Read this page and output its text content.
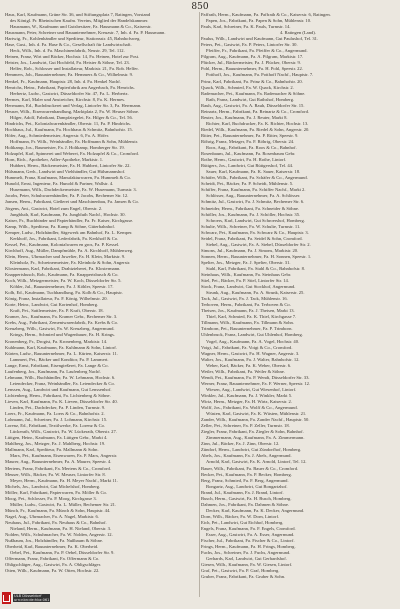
850
Haus, Karl, Kaufmann, Grüne Str. 36, und Stiftungsplatz 7, Ratingen, Vorstand
des Königl. Pr. Rheinischen Kaufm. Vereins, Mitglied der Handelskammer.
Hausmann, W., Kaufmann und Gutsbesitzer, Fa. Hausmann & Co., Kaiserstr.
Hausmann, Peter, Schreiner und Bauunternehmer, Kreuzstr. 7, Inh. d. Fa. P. Hausmann.
Hartwig, Fr., Kohlenhändler und Spediteur, Stationsstr. 45, Bahnhofsweg.
Hase, Gust., Inh. d. Fa. Hase & Co., Gesellschaft für Landwirtschaft.
Heck, Wilh., Inh. d. Fa. Maschinenfabrik, Neustr. 29, Tel. 112.
Heinen, Franz, Wirt und Bäcker, Hochstr. 14, Fa. Heinen, Hotel zur Post.
Heister, Jos., Landwirt, Gut Hochfeld, Fa. Heister & Söhne, Tel. 23.
Helfer, Rob., Schlosser und Installateur, Marktstr. 21, Fa. Rob. Helfer.
Hemmers, Joh., Bauunternehmer, Fa. Hemmers & Co., Wilhelmstr. 9.
Henkel, Fr., Kaufmann, Hauptstr. 28, Inh. d. Fa. Henkel Nachf.
Henrichs, Heinr., Fabrikant, Papierfabrik am Angerbach, Fa. Henrichs.
Herbertz, Ludw., Gastwirt, Düsseldorfer Str. 47, Fa. L. Herbertz.
Hermes, Karl, Maler und Anstreicher, Kirchstr. 8, Fa. K. Hermes.
Herrmann, Ed., Buchdruckerei und Verlag, Lintorfer Str. 3, Fa. Herrmann.
Heuser, Wilh., Eisenwarenhandlung, Marktplatz 2, Fa. W. Heuser Söhne.
Hilger, Adolf, Fabrikant, Dampfziegelei, Fa. Hilger & Co., Tel. 56.
Hindrichs, Pet., Kolonialwarenhändler, Oberstr. 11, Fa. P. Hindrichs.
Hochhaus, Jul., Kaufmann, Fa. Hochhaus & Schmitz, Bahnhofstr. 15.
Höfer, Aug., Schmiedemeister, Angerstr. 6, Fa. A. Höfer.
Hoffmann, Fr. Wilh., Weinhändler, Fa. Hoffmann & Sohn, Mühlenstr.
Holtkamp, Jos., Baumeister, Fa. J. Holtkamp, Homberger Str. 19.
Holzapfel, Karl, Spinnerei und Weberei, Fa. Holzapfel & Co., Cromford.
Horn, Rich., Apotheker, Adler-Apotheke, Marktstr. 1.
Hubbert, Herm., Bäckermeister, Fa. H. Hubbert, Lintorfer Str. 22.
Hülsmann, Gerh., Landwirt und Viehhändler, Gut Hülsmannshof.
Hummelt, Franz, Kaufmann, Manufakturwaren, Fa. Hummelt & Co.
Hunold, Ernst, Ingenieur, Fa. Hunold & Partner, Wallstr. 4.
Husemann, Wilh., Dachdeckermeister, Fa. W. Husemann, Turmstr. 3.
Jacobs, Peter, Schuhwarenhändler, Fa. P. Jacobs, Bechemer Str. 12.
Jansen, Herm., Fabrikant, Gießerei und Maschinenbau, Fa. Jansen & Co.
Jörgens, Ant., Gastwirt, Hotel zum Engel, Oberstr. 2.
Jungbluth, Karl, Kaufmann, Fa. Jungbluth Nachf., Hochstr. 30.
Kaiser, Fr., Buchbinder und Papierhändler, Fa. Fr. Kaiser, Kirchgasse.
Kamp, Wilh., Spediteur, Fa. Kamp & Söhne, Güterbahnhof.
Kemper, Ludw., Holzhändler, Sägewerk am Bahnhof, Fa. L. Kemper.
Kerkhoff, Jos., Fabrikant, Lederfabrik, Fa. Kerkhoff & Co.
Kessel, Pet., Kaufmann, Kolonialwaren en gros, Fa. P. Kessel.
Kirchhoff, Aug., Müller, Dampfmühle, Fa. A. Kirchhoff, Mühlenweg.
Klein, Herm., Uhrmacher und Juwelier, Fa. H. Klein, Marktstr. 9.
Kleinholz, Fr., Schreinermeister, Fa. Kleinholz & Sohn, Angerstr.
Klostermann, Karl, Fabrikant, Drahtzieherei, Fa. Klostermann.
Knappertsbusch, Rob., Kaufmann, Fa. Knappertsbusch & Co.
Koch, Wilh., Metzgermeister, Fa. W. Koch, Düsseldorfer Str. 5.
Köhler, Jul., Bauunternehmer, Fa. J. Köhler, Speestr. 17.
Kolb, Ed., Kaufmann, Tuchhandlung, Fa. Kolb & Co., Hauptstr.
König, Franz, Installateur, Fa. F. König, Wilhelmstr. 20.
Korte, Heinr., Landwirt, Gut Kortenhof, Homberg.
Kraft, Pet., Sattlermeister, Fa. P. Kraft, Oberstr. 18.
Kramer, Jos., Kaufmann, Fa. Kramer Gebr., Bechemer Str. 3.
Krebs, Aug., Fabrikant, Zementwarenfabrik, Fa. Krebs & Co.
Kreuzberg, Wilh., Gastwirt, Fa. W. Kreuzberg, Angermund.
Krings, Herm., Schmied und Wagenbauer, Fa. H. Krings.
Kronenberg, Fr., Drogist, Fa. Kronenberg, Marktstr. 14.
Kuhlmann, Karl, Kaufmann, Fa. Kuhlmann & Sohn, Lintorf.
Kürten, Ludw., Bauunternehmer, Fa. L. Kürten, Kaiserstr. 11.
Lammert, Pet., Bäcker und Konditor, Fa. P. Lammert.
Lange, Ernst, Fabrikant, Eisengießerei, Fa. Lange & Co.
Laufenberg, Jos., Kaufmann, Fa. Laufenberg Nachf.
Lehmann, Wilh., Buchhändler, Fa. W. Lehmann, Hochstr. 6.
Leiendecker, Franz, Weinhändler, Fa. Leiendecker & Co.
Lenssen, Aug., Landwirt und Kaufmann, Gut Lenssenhof.
Lichtenberg, Herm., Fabrikant, Fa. Lichtenberg & Söhne.
Lieven, Karl, Kaufmann, Fa. K. Lieven, Düsseldorfer Str. 40.
Linden, Pet., Dachdecker, Fa. P. Linden, Turmstr. 9.
Loers, Fr., Kaufmann, Fa. Loers & Co., Bahnhofstr. 2.
Lohmann, Jul., Schreiner, Fa. J. Lohmann, Kirchstr. 15.
Lorenz, Ed., Fabrikant, Textilwerke, Fa. Lorenz & Co.
Lückerath, Wilh., Gastwirt, Fa. W. Lückerath, Oberstr. 27.
Lüttgen, Heinr., Kaufmann, Fa. Lüttgen Gebr., Markt 4.
Mahlberg, Jos., Metzger, Fa. J. Mahlberg, Hochstr. 19.
Mallmann, Karl, Spediteur, Fa. Mallmann & Sohn.
Marx, Pet., Kaufmann, Eisenwaren, Fa. P. Marx, Angerstr.
Maurer, Aug., Bauunternehmer, Fa. A. Maurer, Speestr. 4.
Mertens, Franz, Fabrikant, Fa. Mertens & Co., Cromford.
Meuser, Wilh., Bäcker, Fa. W. Meuser, Lintorfer Str. 8.
Meyer, Herm., Kaufmann, Fa. H. Meyer Nachf., Markt 11.
Michels, Jos., Landwirt, Gut Michelshof, Homberg.
Möller, Karl, Fabrikant, Papierwaren, Fa. Möller & Co.
Moog, Pet., Schlosser, Fa. P. Moog, Kirchgasse 3.
Müller, Ludw., Gastwirt, Fa. L. Müller, Bechemer Str. 21.
Münch, Fr., Kaufmann, Fa. Münch & Sohn, Hauptstr. 44.
Nagel, Aug., Uhrmacher, Fa. A. Nagel, Marktstr. 6.
Neuhaus, Jul., Fabrikant, Fa. Neuhaus & Co., Bahnhof.
Nieland, Herm., Kaufmann, Fa. H. Nieland, Oberstr. 3.
Nolden, Wilh., Schuhmacher, Fa. W. Nolden, Angerstr. 12.
Nußbaum, Jos., Holzhändler, Fa. Nußbaum & Söhne.
Oberheid, Karl, Bauunternehmer, Fa. K. Oberheid.
Oebel, Pet., Kaufmann, Fa. P. Oebel, Düsseldorfer Str. 9.
Offermann, Franz, Fabrikant, Fa. Offermann & Co.
Ohligschläger, Aug., Gastwirt, Fa. A. Ohligschläger.
Otten, Wilh., Kaufmann, Fa. W. Otten, Hochstr. 22.
Paffrath, Herm., Kaufmann, Fa. Paffrath & Co., Kaiserstr. 6, Ratingen.
Papen, Jos., Fabrikant, Fa. Papen & Sohn, Mühlenstr. 10.
Pauls, Karl, Schreiner, Fa. K. Pauls, Turmstr. 14.
4. Ratingen (Land).
Paulus, Wilh., Landwirt und Kaufmann, Gut Paulushof, Tel. 31.
Peters, Pet., Gastwirt, Fa. P. Peters, Lintorfer Str. 30.
Pfeiffer, Fr., Fabrikant, Fa. Pfeiffer & Co., Angermund.
Pilgram, Aug., Kaufmann, Fa. A. Pilgram, Marktstr. 17.
Plücker, Jul., Bäckermeister, Fa. J. Plücker, Oberstr. 9.
Pohl, Herm., Bauunternehmer, Fa. H. Pohl, Speestr. 22.
Potthoff, Jos., Kaufmann, Fa. Potthoff Nachf., Hauptstr. 7.
Prinz, Karl, Fabrikant, Fa. Prinz & Co., Bahnhofstr. 20.
Quack, Wilh., Schmied, Fa. W. Quack, Kirchstr. 2.
Rademacher, Pet., Kaufmann, Fa. Rademacher & Söhne.
Rath, Franz, Landwirt, Gut Rathshof, Homberg.
Rauh, Aug., Gastwirt, Fa. A. Rauh, Düsseldorfer Str. 15.
Reinartz, Herm., Fabrikant, Fa. Reinartz & Co., Cromford.
Reuter, Jos., Kaufmann, Fa. J. Reuter, Markt 8.
Richter, Karl, Buchdrucker, Fa. K. Richter, Hochstr. 13.
Riedel, Wilh., Kaufmann, Fa. Riedel & Sohn, Angerstr. 20.
Ritter, Pet., Bauunternehmer, Fa. P. Ritter, Speestr. 9.
Röhrig, Franz, Metzger, Fa. F. Röhrig, Oberstr. 24.
Roos, Aug., Fabrikant, Fa. Roos & Co., Bahnhof.
Rosenbaum, Jul., Kaufmann, Fa. Rosenbaum Gebr.
Rothe, Herm., Gastwirt, Fa. H. Rothe, Lintorf.
Rüttgers, Jos., Landwirt, Gut Rüttgershof, Tel. 44.
Sauer, Karl, Kaufmann, Fa. K. Sauer, Kaiserstr. 18.
Schäfer, Wilh., Fabrikant, Fa. Schäfer & Co., Angermund.
Scheidt, Pet., Bäcker, Fa. P. Scheidt, Mühlenstr. 5.
Schiffer, Franz, Kaufmann, Fa. Schiffer Nachf., Markt 2.
Schlösser, Aug., Bauunternehmer, Fa. A. Schlösser.
Schmitz, Jul., Gastwirt, Fa. J. Schmitz, Bechemer Str. 6.
Schneider, Herm., Fabrikant, Fa. Schneider & Söhne.
Schöller, Jos., Kaufmann, Fa. J. Schöller, Hochstr. 35.
Schroers, Karl, Landwirt, Gut Schroershof, Homberg.
Schulte, Wilh., Schreiner, Fa. W. Schulte, Turmstr. 11.
Schwarz, Pet., Kaufmann, Fa. Schwarz & Co., Hauptstr. 3.
Seidel, Franz, Fabrikant, Fa. Seidel & Sohn, Cromford.
Siebel, Aug., Gastwirt, Fa. A. Siebel, Düsseldorfer Str. 2.
Simons, Jul., Kaufmann, Fa. J. Simons, Marktstr. 20.
Sonnen, Herm., Bauunternehmer, Fa. H. Sonnen, Speestr. 1.
Spelter, Jos., Metzger, Fa. J. Spelter, Oberstr. 31.
Stahl, Karl, Fabrikant, Fa. Stahl & Co., Bahnhofstr. 8.
Steinhaus, Wilh., Kaufmann, Fa. Steinhaus Gebr.
Stiel, Pet., Bäcker, Fa. P. Stiel, Lintorfer Str. 14.
Stock, Franz, Landwirt, Gut Stockhof, Angermund.
Strunk, Aug., Kaufmann, Fa. A. Strunk, Kaiserstr. 25.
Tack, Jul., Gastwirt, Fa. J. Tack, Mühlenstr. 16.
Terboven, Herm., Fabrikant, Fa. Terboven & Co.
Theisen, Jos., Kaufmann, Fa. J. Theisen, Markt 13.
Thiel, Karl, Schmied, Fa. K. Thiel, Kirchgasse 7.
Tillmann, Wilh., Kaufmann, Fa. Tillmann & Sohn.
Trimborn, Pet., Bauunternehmer, Fa. P. Trimborn.
Uhlenbruck, Franz, Landwirt, Gut Uhlenhof, Homberg.
Vogel, Aug., Kaufmann, Fa. A. Vogel, Hochstr. 40.
Voigt, Jul., Fabrikant, Fa. Voigt & Co., Cromford.
Wagner, Herm., Gastwirt, Fa. H. Wagner, Angerstr. 3.
Walter, Jos., Kaufmann, Fa. J. Walter, Bahnhofstr. 12.
Weber, Karl, Bäcker, Fa. K. Weber, Oberstr. 6.
Weiler, Wilh., Fabrikant, Fa. Weiler & Söhne.
Wendt, Pet., Kaufmann, Fa. P. Wendt, Düsseldorfer Str. 33.
Werner, Franz, Bauunternehmer, Fa. F. Werner, Speestr. 12.
Wiesen, Aug., Landwirt, Gut Wiesenhof, Lintorf.
Winkler, Jul., Kaufmann, Fa. J. Winkler, Markt 5.
Wirtz, Herm., Metzger, Fa. H. Wirtz, Kaiserstr. 2.
Wolff, Jos., Fabrikant, Fa. Wolff & Co., Angermund.
Wüsten, Karl, Gastwirt, Fa. K. Wüsten, Mühlenstr. 21.
Zander, Wilh., Kaufmann, Fa. Zander Nachf., Hauptstr. 50.
Zeller, Pet., Schreiner, Fa. P. Zeller, Turmstr. 18.
Ziegler, Franz, Fabrikant, Fa. Ziegler & Sohn, Bahnhof.
Zimmermann, Aug., Kaufmann, Fa. A. Zimmermann.
Zinn, Jul., Bäcker, Fa. J. Zinn, Oberstr. 12.
Zündorf, Herm., Landwirt, Gut Zündorfhof, Homberg.
Abels, Jos., Kaufmann, Fa. J. Abels, Angermund.
Arnold, Karl, Gastwirt, Fa. K. Arnold, Lintorf, Tel. 12.
Bauer, Wilh., Fabrikant, Fa. Bauer & Co., Cromford.
Becker, Pet., Kaufmann, Fa. P. Becker, Homberg.
Berg, Franz, Schmied, Fa. F. Berg, Angermund.
Bongartz, Aug., Landwirt, Gut Bongartzhof.
Brand, Jul., Kaufmann, Fa. J. Brand, Lintorf.
Busch, Herm., Gastwirt, Fa. H. Busch, Homberg.
Dahmen, Jos., Fabrikant, Fa. Dahmen & Söhne.
Decker, Karl, Kaufmann, Fa. K. Decker, Angermund.
Dorn, Wilh., Bäcker, Fa. W. Dorn, Lintorf.
Eich, Pet., Landwirt, Gut Eichhof, Homberg.
Engels, Franz, Kaufmann, Fa. F. Engels, Cromford.
Esser, Aug., Gastwirt, Fa. A. Esser, Angermund.
Fischer, Jul., Fabrikant, Fa. Fischer & Co., Lintorf.
Frings, Herm., Kaufmann, Fa. H. Frings, Homberg.
Fuchs, Jos., Schreiner, Fa. J. Fuchs, Angermund.
Gerhards, Karl, Landwirt, Gut Gerhardshof.
Giesen, Wilh., Kaufmann, Fa. W. Giesen, Lintorf.
Graf, Pet., Gastwirt, Fa. P. Graf, Homberg.
Gruber, Franz, Fabrikant, Fa. Gruber & Sohn.
ULB Düsseldorf
urn:nbn:de:hbz:061
